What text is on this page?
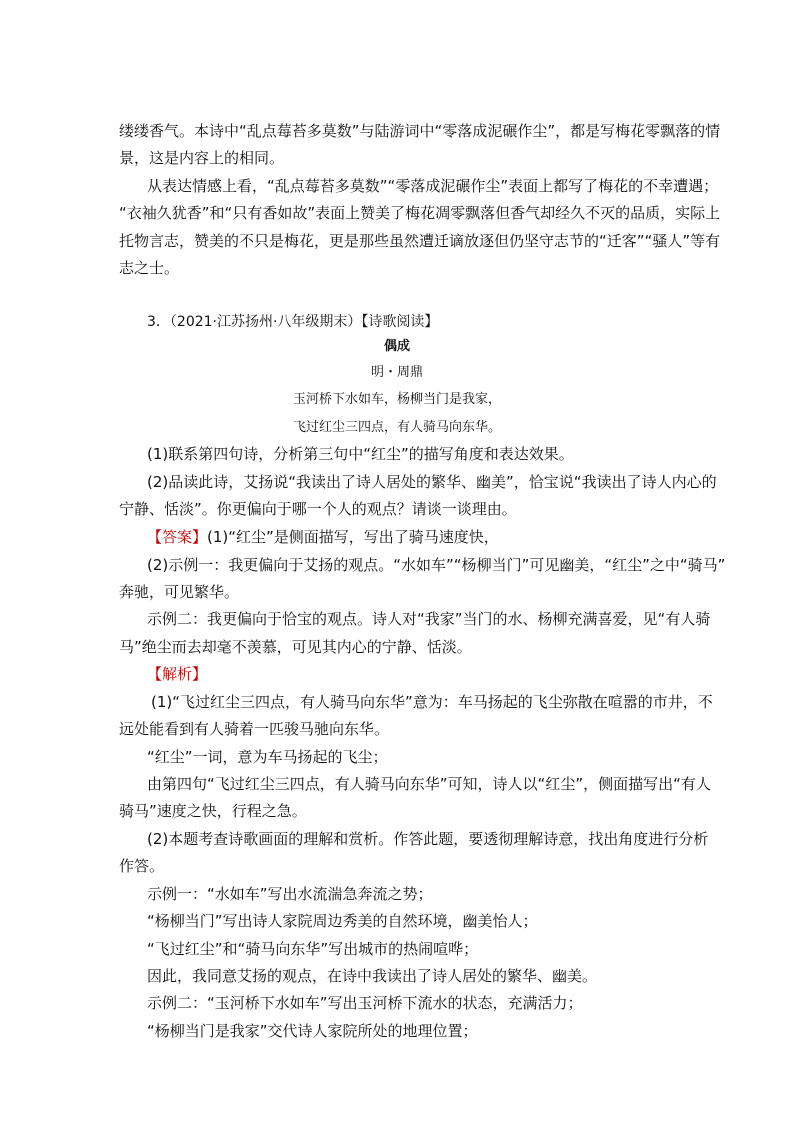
缕缕香气。本诗中“乱点莓苔多莫数”与陆游词中“零落成泥碾作尘”，都是写梅花零飘落的情
景，这是内容上的相同。
从表达情感上看，“乱点莓苔多莫数”“零落成泥碾作尘”表面上都写了梅花的不幸遭遇；
“衣袖久犹香”和“只有香如故”表面上赞美了梅花凋零飘落但香气却经久不灭的品质，实际上
托物言志，赞美的不只是梅花，更是那些虽然遭迁谪放逐但仍坚守志节的“迁客”“骚人”等有
志之士。
3．（2021·江苏扬州·八年级期末）【诗歌阅读】
偶成
明・周鼎
玉河桥下水如车，杨柳当门是我家，
飞过红尘三四点，有人骑马向东华。
(1)联系第四句诗，分析第三句中“红尘”的描写角度和表达效果。
(2)品读此诗，艾扬说“我读出了诗人居处的繁华、幽美”，恰宝说“我读出了诗人内心的
宁静、恬淡”。你更偏向于哪一个人的观点？请谈一谈理由。
【答案】(1)“红尘”是侧面描写，写出了骑马速度快，
(2)示例一：我更偏向于艾扬的观点。“水如车”“杨柳当门”可见幽美，“红尘”之中“骑马”
奔驰，可见繁华。
示例二：我更偏向于恰宝的观点。诗人对“我家”当门的水、杨柳充满喜爱，见“有人骑
马”绝尘而去却毫不羡慕，可见其内心的宁静、恬淡。
【解析】
(1)“飞过红尘三四点，有人骑马向东华”意为：车马扬起的飞尘弥散在喧嚣的市井，不
远处能看到有人骑着一匹骏马驰向东华。
“红尘”一词，意为车马扬起的飞尘；
由第四句“飞过红尘三四点，有人骑马向东华”可知，诗人以“红尘”，侧面描写出“有人
骑马”速度之快，行程之急。
(2)本题考查诗歌画面的理解和赏析。作答此题，要透彻理解诗意，找出角度进行分析
作答。
示例一：“水如车”写出水流湍急奔流之势；
“杨柳当门”写出诗人家院周边秀美的自然环境，幽美怡人；
“飞过红尘”和“骑马向东华”写出城市的热闹喧哗；
因此，我同意艾扬的观点，在诗中我读出了诗人居处的繁华、幽美。
示例二：“玉河桥下水如车”写出玉河桥下流水的状态，充满活力；
“杨柳当门是我家”交代诗人家院所处的地理位置；
